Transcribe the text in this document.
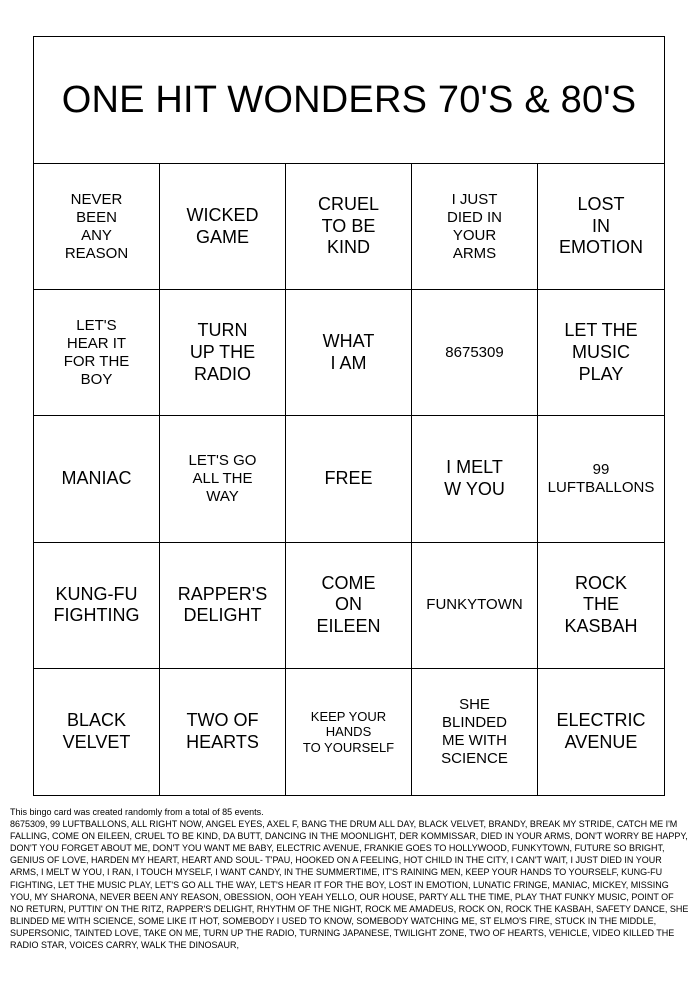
ONE HIT WONDERS 70'S & 80'S
NEVER
BEEN
ANY
REASON
WICKED
GAME
CRUEL
TO BE
KIND
I JUST
DIED IN
YOUR
ARMS
LOST
IN
EMOTION
LET'S
HEAR IT
FOR THE
BOY
TURN
UP THE
RADIO
WHAT
I AM
8675309
LET THE
MUSIC
PLAY
MANIAC
LET'S GO
ALL THE
WAY
FREE
I MELT
W YOU
99
LUFTBALLONS
KUNG-FU
FIGHTING
RAPPER'S
DELIGHT
COME
ON
EILEEN
FUNKYTOWN
ROCK
THE
KASBAH
BLACK
VELVET
TWO OF
HEARTS
KEEP YOUR
HANDS
TO YOURSELF
SHE
BLINDED
ME WITH
SCIENCE
ELECTRIC
AVENUE

This bingo card was created randomly from a total of 85 events.

8675309, 99 LUFTBALLONS, ALL RIGHT NOW, ANGEL EYES, AXEL F, BANG THE DRUM ALL DAY, BLACK VELVET, BRANDY, BREAK MY STRIDE, CATCH ME I'M FALLING, COME ON EILEEN, CRUEL TO BE KIND, DA BUTT, DANCING IN THE MOONLIGHT, DER KOMMISSAR, DIED IN YOUR ARMS, DON'T WORRY BE HAPPY, DON'T YOU FORGET ABOUT ME, DON'T YOU WANT ME BABY, ELECTRIC AVENUE, FRANKIE GOES TO HOLLYWOOD, FUNKYTOWN, FUTURE SO BRIGHT, GENIUS OF LOVE, HARDEN MY HEART, HEART AND SOUL- T'PAU, HOOKED ON A FEELING, HOT CHILD IN THE CITY, I CAN'T WAIT, I JUST DIED IN YOUR ARMS, I MELT W YOU, I RAN, I TOUCH MYSELF, I WANT CANDY, IN THE SUMMERTIME, IT'S RAINING MEN, KEEP YOUR HANDS TO YOURSELF, KUNG-FU FIGHTING, LET THE MUSIC PLAY, LET'S GO ALL THE WAY, LET'S HEAR IT FOR THE BOY, LOST IN EMOTION, LUNATIC FRINGE, MANIAC, MICKEY, MISSING YOU, MY SHARONA, NEVER BEEN ANY REASON, OBESSION, OOH YEAH YELLO, OUR HOUSE, PARTY ALL THE TIME, PLAY THAT FUNKY MUSIC, POINT OF NO RETURN, PUTTIN' ON THE RITZ, RAPPER'S DELIGHT, RHYTHM OF THE NIGHT, ROCK ME AMADEUS, ROCK ON, ROCK THE KASBAH, SAFETY DANCE, SHE BLINDED ME WITH SCIENCE, SOME LIKE IT HOT, SOMEBODY I USED TO KNOW, SOMEBODY WATCHING ME, ST ELMO'S FIRE, STUCK IN THE MIDDLE, SUPERSONIC, TAINTED LOVE, TAKE ON ME, TURN UP THE RADIO, TURNING JAPANESE, TWILIGHT ZONE, TWO OF HEARTS, VEHICLE, VIDEO KILLED THE RADIO STAR, VOICES CARRY, WALK THE DINOSAUR,
